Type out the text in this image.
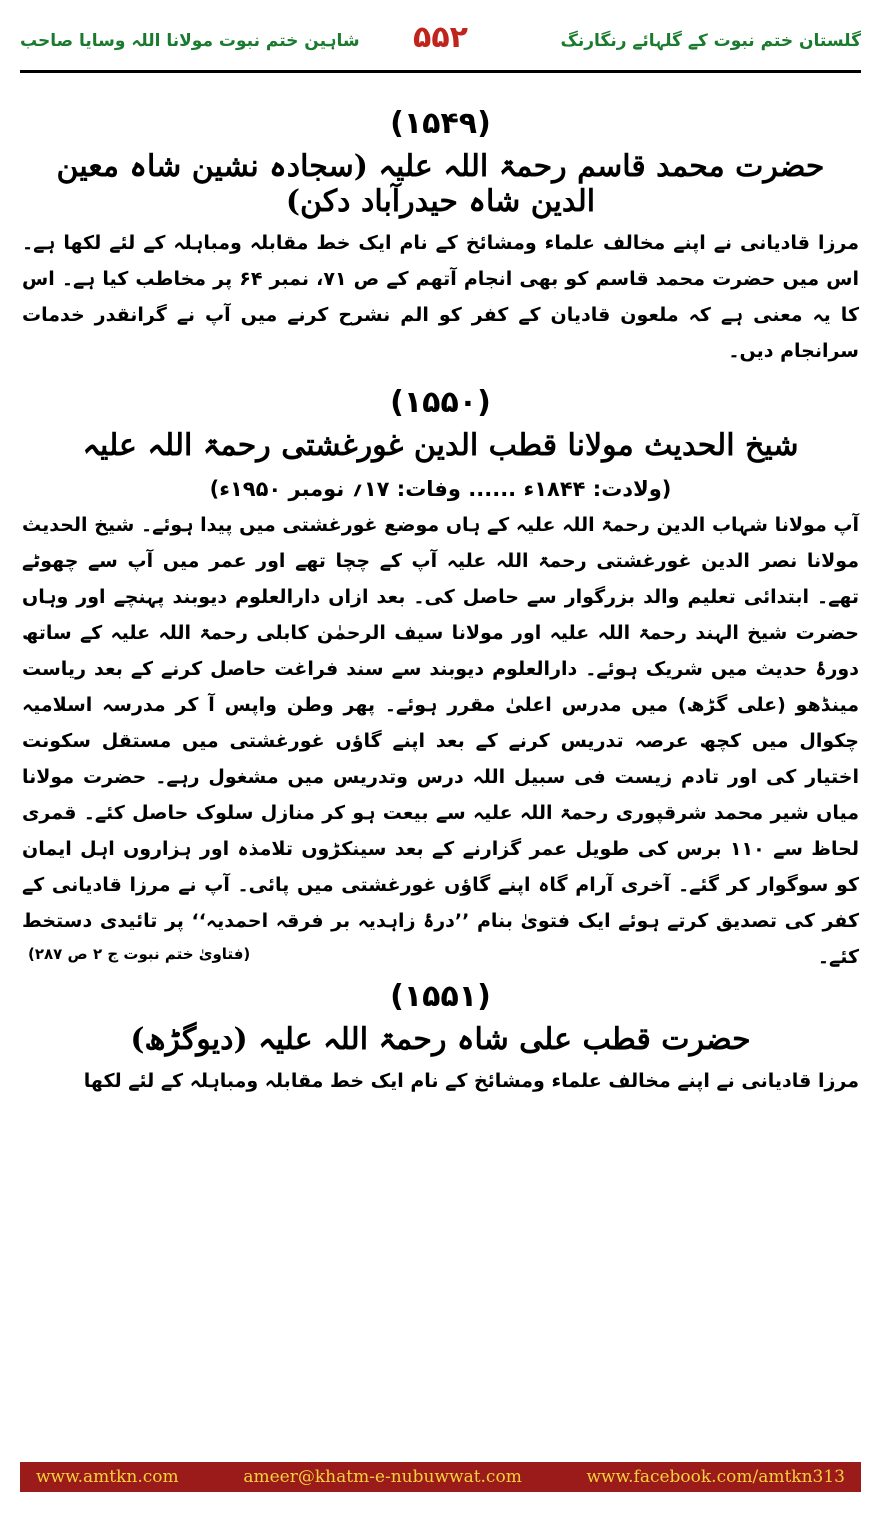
گلستان ختم نبوت کے گلہائے رنگارنگ
۵۵۲
شاہین ختم نبوت مولانا اللہ وسایا صاحب
(۱۵۴۹)
حضرت محمد قاسم رحمۃ اللہ علیہ (سجادہ نشین شاہ معین الدین شاہ حیدرآباد دکن)

مرزا قادیانی نے اپنے مخالف علماء ومشائخ کے نام ایک خط مقابلہ ومباہلہ کے لئے لکھا ہے۔ اس میں حضرت محمد قاسم کو بھی انجام آتھم کے ص ۷۱، نمبر ۶۴ پر مخاطب کیا ہے۔ اس کا یہ معنی ہے کہ ملعون قادیان کے کفر کو الم نشرح کرنے میں آپ نے گرانقدر خدمات سرانجام دیں۔

(۱۵۵۰)
شیخ الحدیث مولانا قطب الدین غورغشتی رحمۃ اللہ علیہ
(ولادت: ۱۸۴۴ء ...... وفات: ۱۷؍ نومبر ۱۹۵۰ء)

آپ مولانا شہاب الدین رحمۃ اللہ علیہ کے ہاں موضع غورغشتی میں پیدا ہوئے۔ شیخ الحدیث مولانا نصر الدین غورغشتی رحمۃ اللہ علیہ آپ کے چچا تھے اور عمر میں آپ سے چھوٹے تھے۔ ابتدائی تعلیم والد بزرگوار سے حاصل کی۔ بعد ازاں دارالعلوم دیوبند پہنچے اور وہاں حضرت شیخ الہند رحمۃ اللہ علیہ اور مولانا سیف الرحمٰن کابلی رحمۃ اللہ علیہ کے ساتھ دورۂ حدیث میں شریک ہوئے۔ دارالعلوم دیوبند سے سند فراغت حاصل کرنے کے بعد ریاست مینڈھو (علی گڑھ) میں مدرس اعلیٰ مقرر ہوئے۔ پھر وطن واپس آ کر مدرسہ اسلامیہ چکوال میں کچھ عرصہ تدریس کرنے کے بعد اپنے گاؤں غورغشتی میں مستقل سکونت اختیار کی اور تادم زیست فی سبیل اللہ درس وتدریس میں مشغول رہے۔ حضرت مولانا میاں شیر محمد شرقپوری رحمۃ اللہ علیہ سے بیعت ہو کر منازل سلوک حاصل کئے۔ قمری لحاظ سے ۱۱۰ برس کی طویل عمر گزارنے کے بعد سینکڑوں تلامذہ اور ہزاروں اہل ایمان کو سوگوار کر گئے۔ آخری آرام گاہ اپنے گاؤں غورغشتی میں پائی۔ آپ نے مرزا قادیانی کے کفر کی تصدیق کرتے ہوئے ایک فتویٰ بنام ’’درۂ زاہدیہ بر فرقہ احمدیہ‘‘ پر تائیدی دستخط کئے۔

(فتاویٰ ختم نبوت ج ۲ ص ۲۸۷)
(۱۵۵۱)
حضرت قطب علی شاہ رحمۃ اللہ علیہ (دیوگڑھ)

مرزا قادیانی نے اپنے مخالف علماء ومشائخ کے نام ایک خط مقابلہ ومباہلہ کے لئے لکھا

www.amtkn.com	ameer@khatm-e-nubuwwat.com	www.facebook.com/amtkn313
